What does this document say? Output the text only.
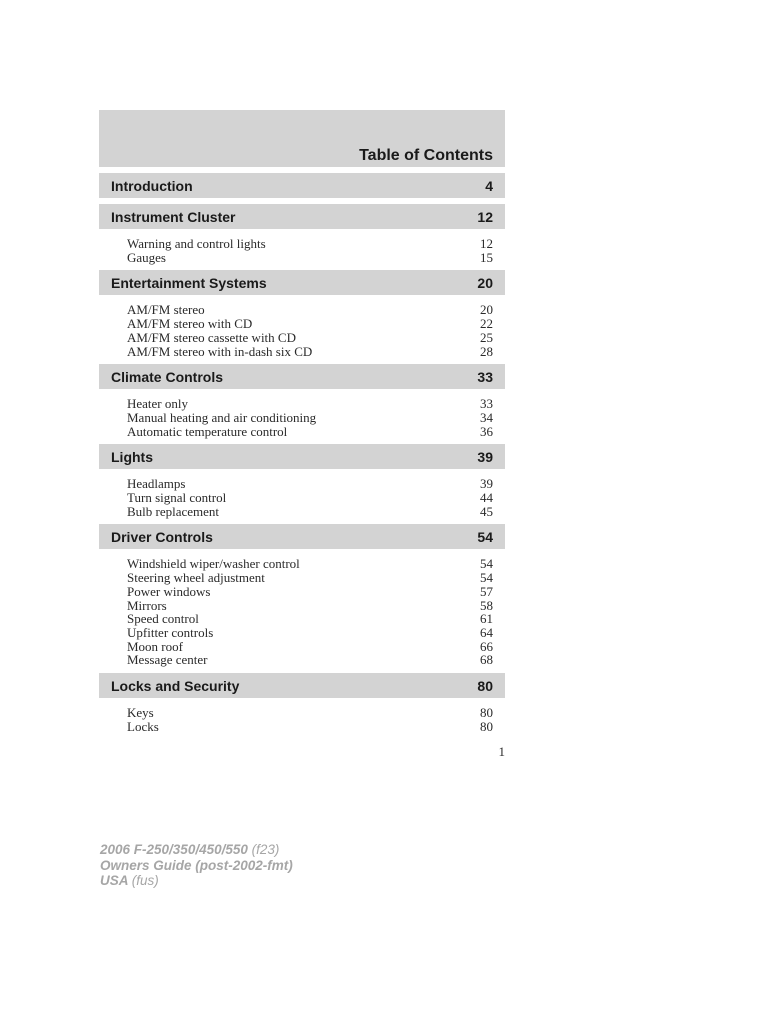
Table of Contents
Introduction	4
Instrument Cluster	12
Warning and control lights	12
Gauges	15
Entertainment Systems	20
AM/FM stereo	20
AM/FM stereo with CD	22
AM/FM stereo cassette with CD	25
AM/FM stereo with in-dash six CD	28
Climate Controls	33
Heater only	33
Manual heating and air conditioning	34
Automatic temperature control	36
Lights	39
Headlamps	39
Turn signal control	44
Bulb replacement	45
Driver Controls	54
Windshield wiper/washer control	54
Steering wheel adjustment	54
Power windows	57
Mirrors	58
Speed control	61
Upfitter controls	64
Moon roof	66
Message center	68
Locks and Security	80
Keys	80
Locks	80
1
2006 F-250/350/450/550 (f23)
Owners Guide (post-2002-fmt)
USA (fus)
